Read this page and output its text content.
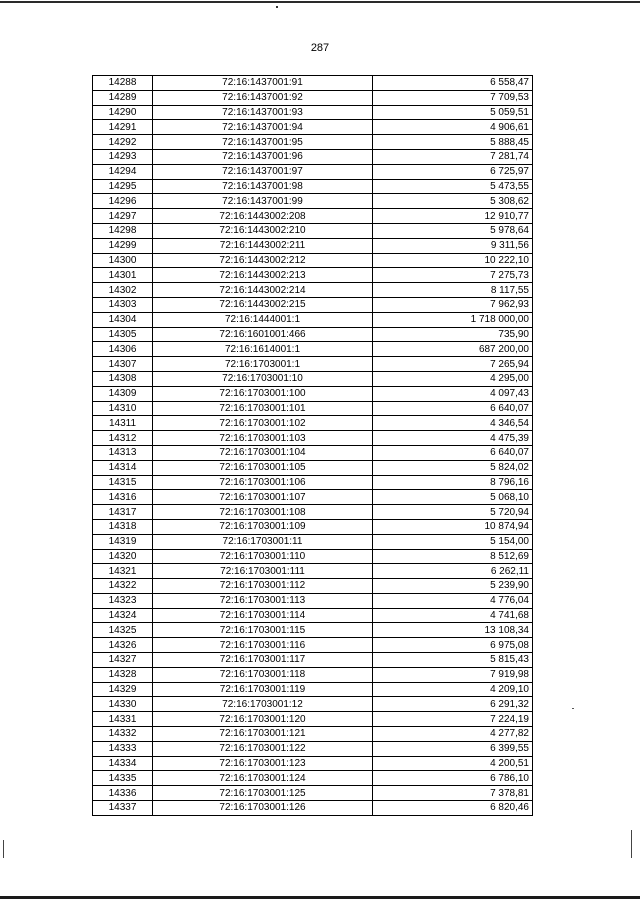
287
14288	72:16:1437001:91	6 558,47
14289	72:16:1437001:92	7 709,53
14290	72:16:1437001:93	5 059,51
14291	72:16:1437001:94	4 906,61
14292	72:16:1437001:95	5 888,45
14293	72:16:1437001:96	7 281,74
14294	72:16:1437001:97	6 725,97
14295	72:16:1437001:98	5 473,55
14296	72:16:1437001:99	5 308,62
14297	72:16:1443002:208	12 910,77
14298	72:16:1443002:210	5 978,64
14299	72:16:1443002:211	9 311,56
14300	72:16:1443002:212	10 222,10
14301	72:16:1443002:213	7 275,73
14302	72:16:1443002:214	8 117,55
14303	72:16:1443002:215	7 962,93
14304	72:16:1444001:1	1 718 000,00
14305	72:16:1601001:466	735,90
14306	72:16:1614001:1	687 200,00
14307	72:16:1703001:1	7 265,94
14308	72:16:1703001:10	4 295,00
14309	72:16:1703001:100	4 097,43
14310	72:16:1703001:101	6 640,07
14311	72:16:1703001:102	4 346,54
14312	72:16:1703001:103	4 475,39
14313	72:16:1703001:104	6 640,07
14314	72:16:1703001:105	5 824,02
14315	72:16:1703001:106	8 796,16
14316	72:16:1703001:107	5 068,10
14317	72:16:1703001:108	5 720,94
14318	72:16:1703001:109	10 874,94
14319	72:16:1703001:11	5 154,00
14320	72:16:1703001:110	8 512,69
14321	72:16:1703001:111	6 262,11
14322	72:16:1703001:112	5 239,90
14323	72:16:1703001:113	4 776,04
14324	72:16:1703001:114	4 741,68
14325	72:16:1703001:115	13 108,34
14326	72:16:1703001:116	6 975,08
14327	72:16:1703001:117	5 815,43
14328	72:16:1703001:118	7 919,98
14329	72:16:1703001:119	4 209,10
14330	72:16:1703001:12	6 291,32
14331	72:16:1703001:120	7 224,19
14332	72:16:1703001:121	4 277,82
14333	72:16:1703001:122	6 399,55
14334	72:16:1703001:123	4 200,51
14335	72:16:1703001:124	6 786,10
14336	72:16:1703001:125	7 378,81
14337	72:16:1703001:126	6 820,46
